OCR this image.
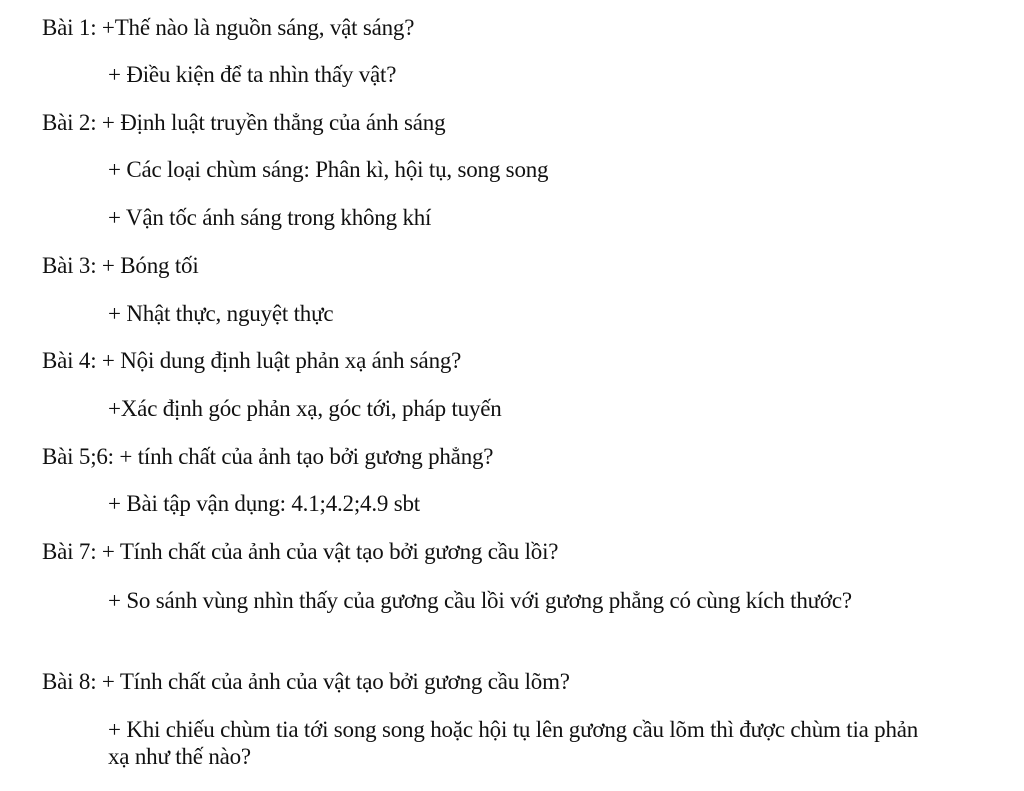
Bài 1: +Thế nào là nguồn sáng, vật sáng?
+ Điều kiện để ta nhìn thấy vật?
Bài 2: + Định luật truyền thẳng của ánh sáng
+ Các loại chùm sáng: Phân kì, hội tụ, song song
+ Vận tốc ánh sáng trong không khí
Bài 3: + Bóng tối
+ Nhật thực, nguyệt thực
Bài 4: + Nội dung định luật phản xạ ánh sáng?
+Xác định góc phản xạ, góc tới, pháp tuyến
Bài 5;6: + tính chất của ảnh tạo bởi gương phẳng?
+ Bài tập vận dụng: 4.1;4.2;4.9 sbt
Bài 7: + Tính chất của ảnh của vật tạo bởi gương cầu lồi?
+ So sánh vùng nhìn thấy của gương cầu lồi với gương phẳng có cùng kích thước?
Bài 8: + Tính chất của ảnh của vật tạo bởi gương cầu lõm?
+ Khi chiếu chùm tia tới song song hoặc hội tụ lên gương cầu lõm thì được chùm tia phản xạ như thế nào?
